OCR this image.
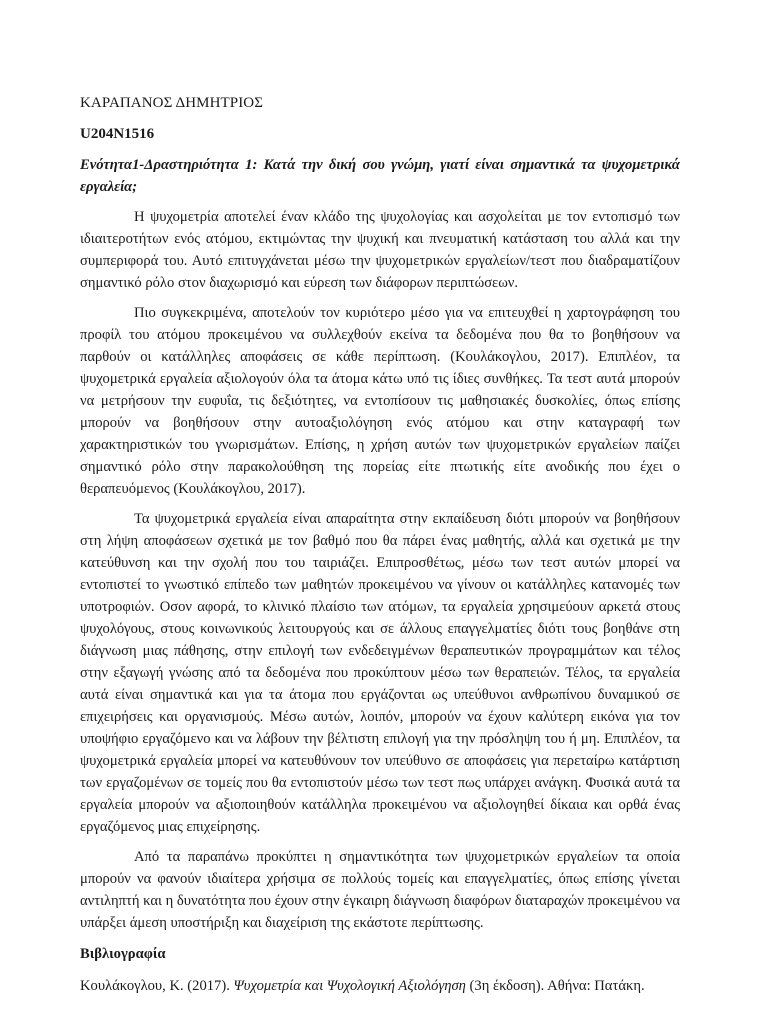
ΚΑΡΑΠΑΝΟΣ ΔΗΜΗΤΡΙΟΣ

U204N1516

Ενότητα1-Δραστηριότητα 1: Κατά την δική σου γνώμη, γιατί είναι σημαντικά τα ψυχομετρικά εργαλεία;

Η ψυχομετρία αποτελεί έναν κλάδο της ψυχολογίας και ασχολείται με τον εντοπισμό των ιδιαιτεροτήτων ενός ατόμου, εκτιμώντας την ψυχική και πνευματική κατάσταση του αλλά και την συμπεριφορά του. Αυτό επιτυγχάνεται μέσω την ψυχομετρικών εργαλείων/τεστ που διαδραματίζουν σημαντικό ρόλο στον διαχωρισμό και εύρεση των διάφορων περιπτώσεων.

Πιο συγκεκριμένα, αποτελούν τον κυριότερο μέσο για να επιτευχθεί η χαρτογράφηση του προφίλ του ατόμου προκειμένου να συλλεχθούν εκείνα τα δεδομένα που θα το βοηθήσουν να παρθούν οι κατάλληλες αποφάσεις σε κάθε περίπτωση. (Κουλάκογλου, 2017). Επιπλέον, τα ψυχομετρικά εργαλεία αξιολογούν όλα τα άτομα κάτω υπό τις ίδιες συνθήκες. Τα τεστ αυτά μπορούν να μετρήσουν την ευφυΐα, τις δεξιότητες, να εντοπίσουν τις μαθησιακές δυσκολίες, όπως επίσης μπορούν να βοηθήσουν στην αυτοαξιολόγηση ενός ατόμου και στην καταγραφή των χαρακτηριστικών του γνωρισμάτων. Επίσης, η χρήση αυτών των ψυχομετρικών εργαλείων παίζει σημαντικό ρόλο στην παρακολούθηση της πορείας είτε πτωτικής είτε ανοδικής που έχει ο θεραπευόμενος (Κουλάκογλου, 2017).

Τα ψυχομετρικά εργαλεία είναι απαραίτητα στην εκπαίδευση διότι μπορούν να βοηθήσουν στη λήψη αποφάσεων σχετικά με τον βαθμό που θα πάρει ένας μαθητής, αλλά και σχετικά με την κατεύθυνση και την σχολή που του ταιριάζει. Επιπροσθέτως, μέσω των τεστ αυτών μπορεί να εντοπιστεί το γνωστικό επίπεδο των μαθητών προκειμένου να γίνουν οι κατάλληλες κατανομές των υποτροφιών. Οσον αφορά, το κλινικό πλαίσιο των ατόμων, τα εργαλεία χρησιμεύουν αρκετά στους ψυχολόγους, στους κοινωνικούς λειτουργούς και σε άλλους επαγγελματίες διότι τους βοηθάνε στη διάγνωση μιας πάθησης, στην επιλογή των ενδεδειγμένων θεραπευτικών προγραμμάτων και τέλος στην εξαγωγή γνώσης από τα δεδομένα που προκύπτουν μέσω των θεραπειών. Τέλος, τα εργαλεία αυτά είναι σημαντικά και για τα άτομα που εργάζονται ως υπεύθυνοι ανθρωπίνου δυναμικού σε επιχειρήσεις και οργανισμούς. Μέσω αυτών, λοιπόν, μπορούν να έχουν καλύτερη εικόνα για τον υποψήφιο εργαζόμενο και να λάβουν την βέλτιστη επιλογή για την πρόσληψη του ή μη. Επιπλέον, τα ψυχομετρικά εργαλεία μπορεί να κατευθύνουν τον υπεύθυνο σε αποφάσεις για περεταίρω κατάρτιση των εργαζομένων σε τομείς που θα εντοπιστούν μέσω των τεστ πως υπάρχει ανάγκη. Φυσικά αυτά τα εργαλεία μπορούν να αξιοποιηθούν κατάλληλα προκειμένου να αξιολογηθεί δίκαια και ορθά ένας εργαζόμενος μιας επιχείρησης.

Από τα παραπάνω προκύπτει η σημαντικότητα των ψυχομετρικών εργαλείων τα οποία μπορούν να φανούν ιδιαίτερα χρήσιμα σε πολλούς τομείς και επαγγελματίες, όπως επίσης γίνεται αντιληπτή και η δυνατότητα που έχουν στην έγκαιρη διάγνωση διαφόρων διαταραχών προκειμένου να υπάρξει άμεση υποστήριξη και διαχείριση της εκάστοτε περίπτωσης.

Βιβλιογραφία

Κουλάκογλου, Κ. (2017). Ψυχομετρία και Ψυχολογική Αξιολόγηση (3η έκδοση). Αθήνα: Πατάκη.
